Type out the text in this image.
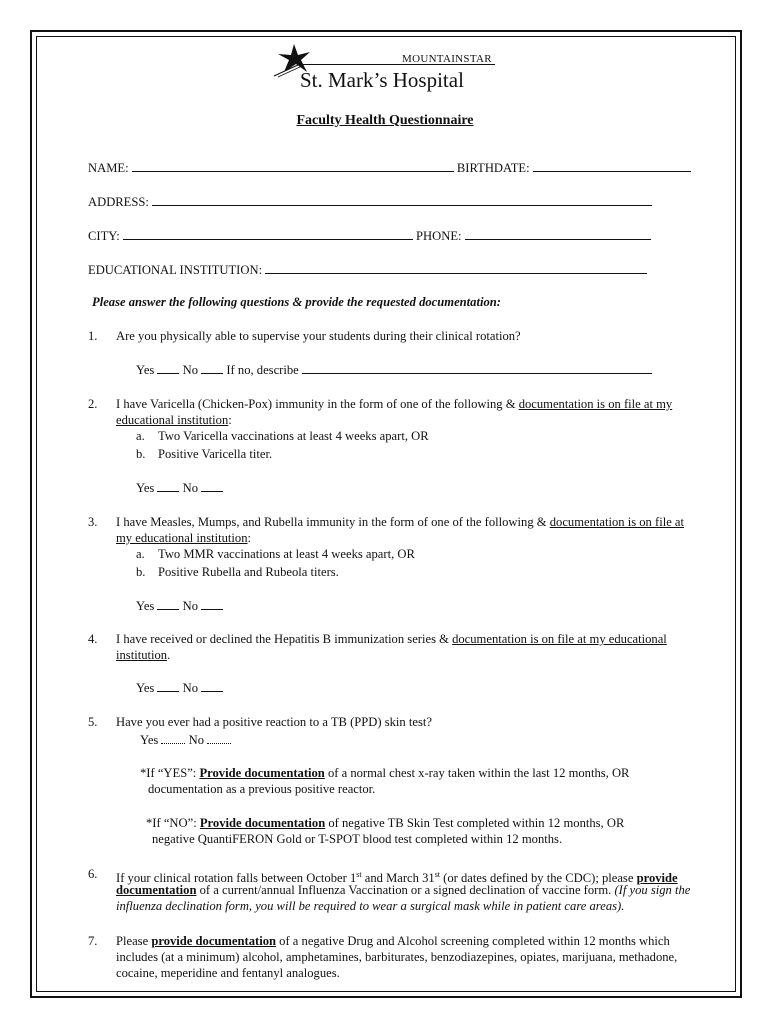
MOUNTAINSTAR
St. Mark’s Hospital
Faculty Health Questionnaire
NAME:	BIRTHDATE:
ADDRESS:
CITY:	PHONE:
EDUCATIONAL INSTITUTION:
Please answer the following questions & provide the requested documentation:
1. Are you physically able to supervise your students during their clinical rotation?
Yes No If no, describe
2. I have Varicella (Chicken-Pox) immunity in the form of one of the following & documentation is on file at my
educational institution:
a. Two Varicella vaccinations at least 4 weeks apart, OR
b. Positive Varicella titer.
Yes No
3. I have Measles, Mumps, and Rubella immunity in the form of one of the following & documentation is on file at
my educational institution:
a. Two MMR vaccinations at least 4 weeks apart, OR
b. Positive Rubella and Rubeola titers.
Yes No
4. I have received or declined the Hepatitis B immunization series & documentation is on file at my educational
institution.
Yes No
5. Have you ever had a positive reaction to a TB (PPD) skin test?
Yes No
*If “YES”: Provide documentation of a normal chest x-ray taken within the last 12 months, OR
documentation as a previous positive reactor.
*If “NO”: Provide documentation of negative TB Skin Test completed within 12 months, OR
negative QuantiFERON Gold or T-SPOT blood test completed within 12 months.
6. If your clinical rotation falls between October 1st and March 31st (or dates defined by the CDC); please provide
documentation of a current/annual Influenza Vaccination or a signed declination of vaccine form. (If you sign the
influenza declination form, you will be required to wear a surgical mask while in patient care areas).
7. Please provide documentation of a negative Drug and Alcohol screening completed within 12 months which
includes (at a minimum) alcohol, amphetamines, barbiturates, benzodiazepines, opiates, marijuana, methadone,
cocaine, meperidine and fentanyl analogues.
